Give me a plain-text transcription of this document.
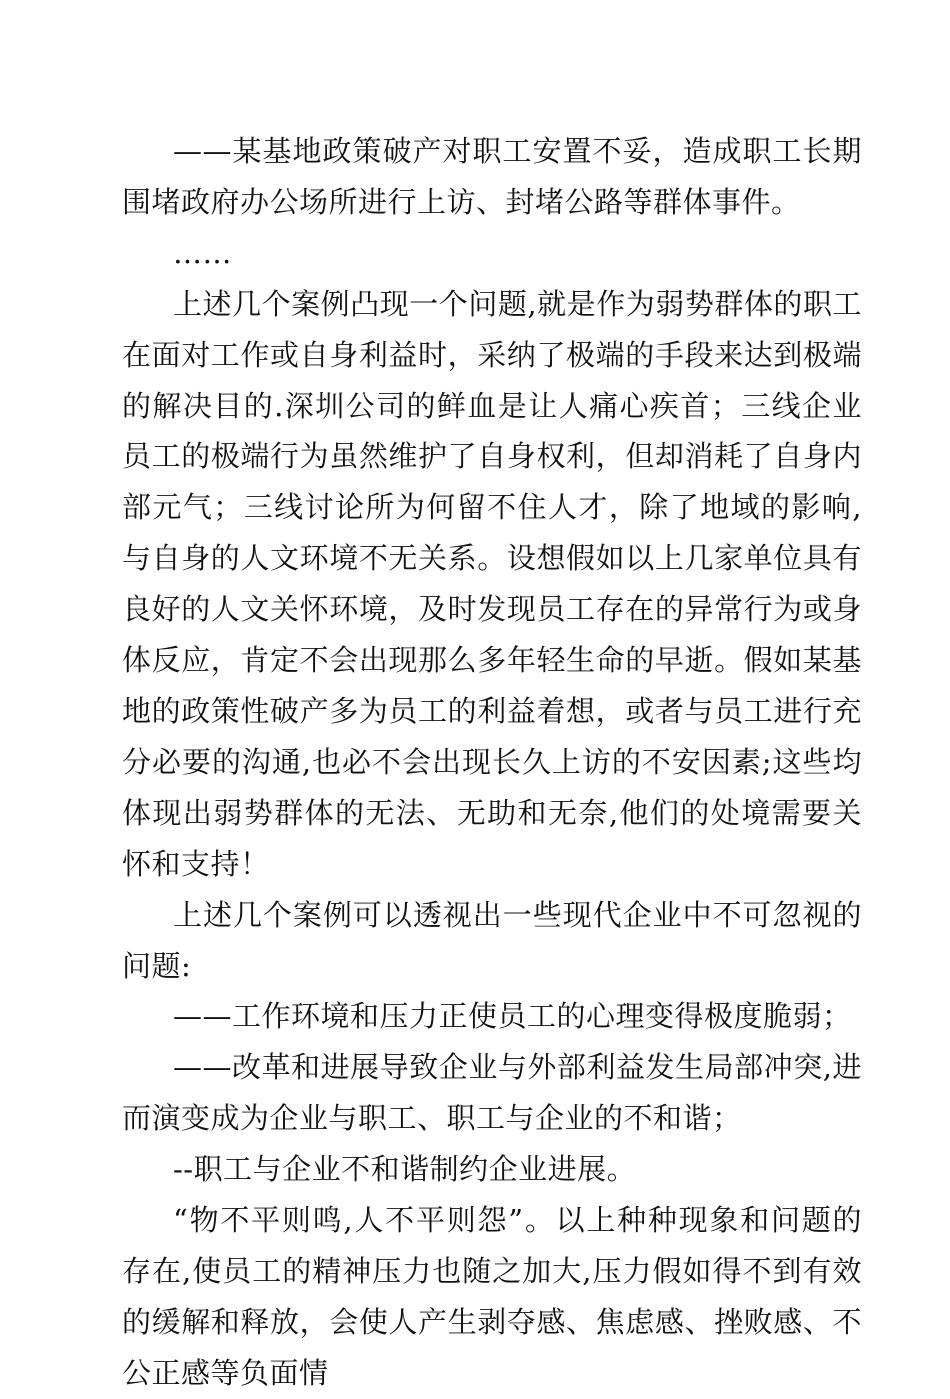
——某基地政策破产对职工安置不妥，造成职工长期围堵政府办公场所进行上访、封堵公路等群体事件。

……

上述几个案例凸现一个问题,就是作为弱势群体的职工在面对工作或自身利益时，采纳了极端的手段来达到极端的解决目的.深圳公司的鲜血是让人痛心疾首；三线企业员工的极端行为虽然维护了自身权利，但却消耗了自身内部元气；三线讨论所为何留不住人才，除了地域的影响,与自身的人文环境不无关系。设想假如以上几家单位具有良好的人文关怀环境，及时发现员工存在的异常行为或身体反应，肯定不会出现那么多年轻生命的早逝。假如某基地的政策性破产多为员工的利益着想，或者与员工进行充分必要的沟通,也必不会出现长久上访的不安因素;这些均体现出弱势群体的无法、无助和无奈,他们的处境需要关怀和支持！

上述几个案例可以透视出一些现代企业中不可忽视的问题:

——工作环境和压力正使员工的心理变得极度脆弱；

——改革和进展导致企业与外部利益发生局部冲突,进而演变成为企业与职工、职工与企业的不和谐；

--职工与企业不和谐制约企业进展。

“物不平则鸣,人不平则怨”。以上种种现象和问题的存在,使员工的精神压力也随之加大,压力假如得不到有效的缓解和释放，会使人产生剥夺感、焦虑感、挫败感、不公正感等负面情
